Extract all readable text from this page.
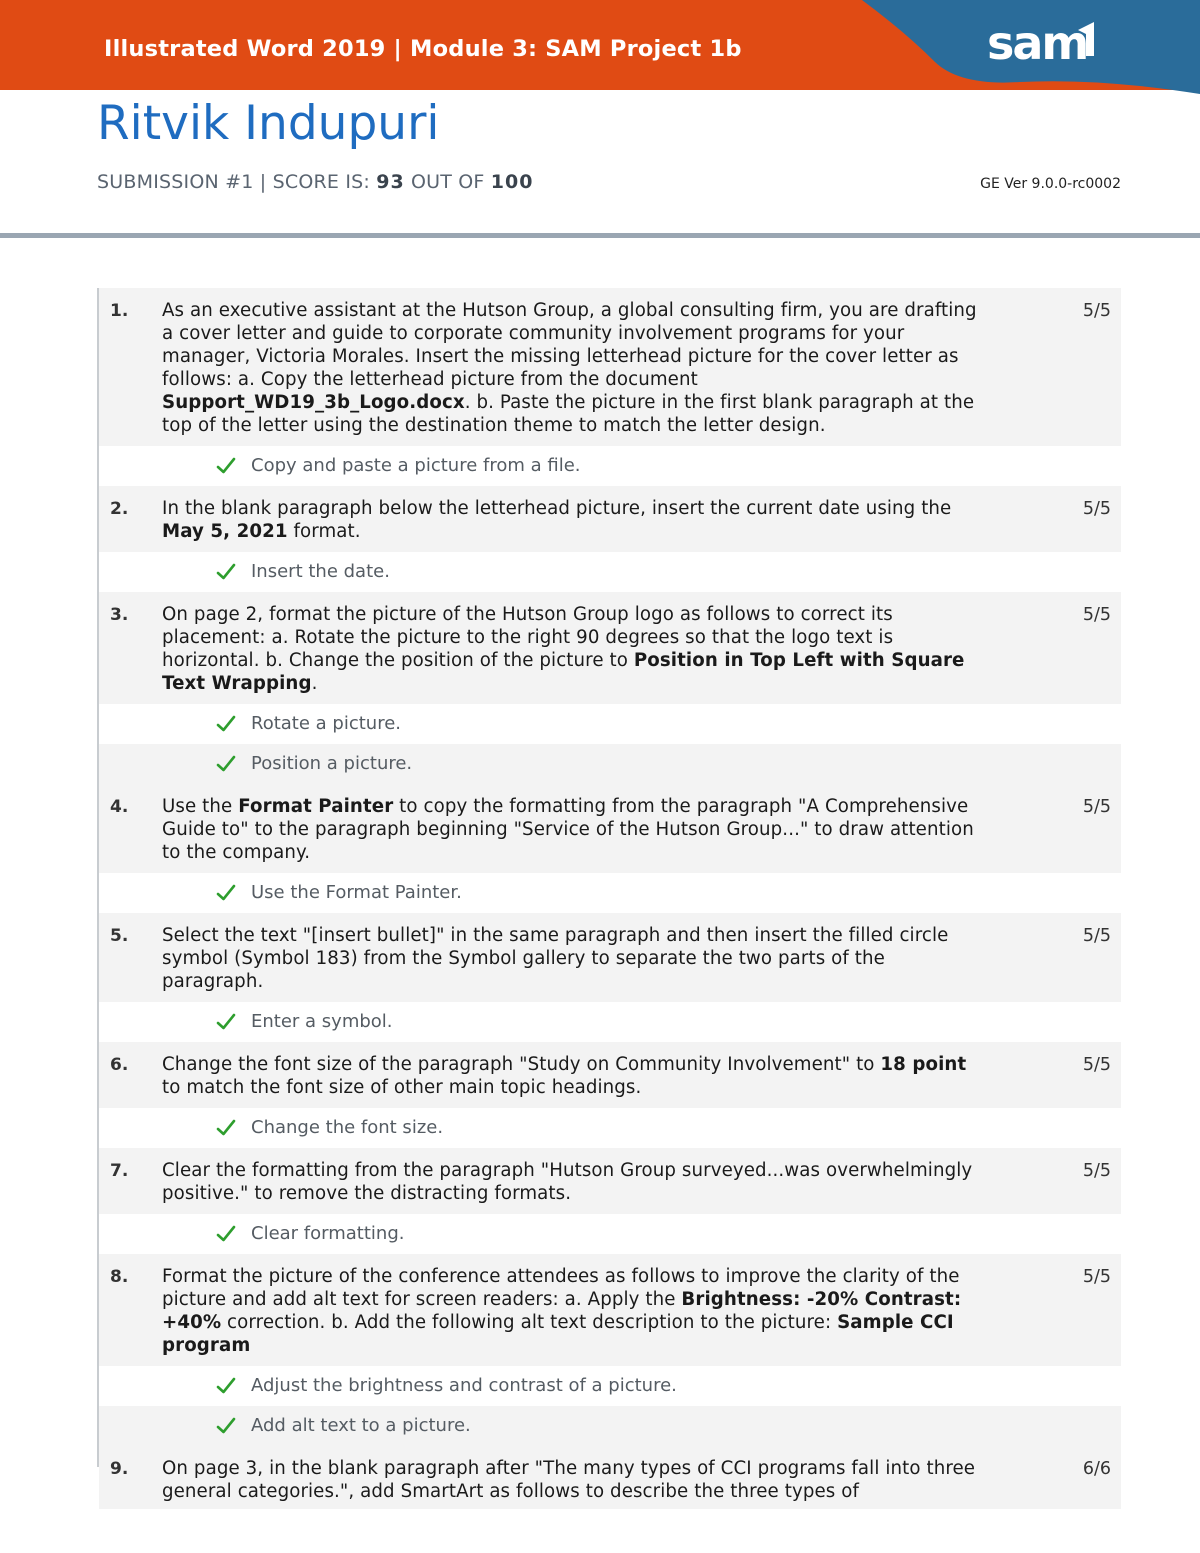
Illustrated Word 2019 | Module 3: SAM Project 1b	sam
Ritvik Indupuri
SUBMISSION #1 | SCORE IS: 93 OUT OF 100	GE Ver 9.0.0-rc0002
1. As an executive assistant at the Hutson Group, a global consulting firm, you are drafting a cover letter and guide to corporate community involvement programs for your manager, Victoria Morales. Insert the missing letterhead picture for the cover letter as follows: a. Copy the letterhead picture from the document Support_WD19_3b_Logo.docx. b. Paste the picture in the first blank paragraph at the top of the letter using the destination theme to match the letter design.
5/5
Copy and paste a picture from a file.
2. In the blank paragraph below the letterhead picture, insert the current date using the May 5, 2021 format.
5/5
Insert the date.
3. On page 2, format the picture of the Hutson Group logo as follows to correct its placement: a. Rotate the picture to the right 90 degrees so that the logo text is horizontal. b. Change the position of the picture to Position in Top Left with Square Text Wrapping.
5/5
Rotate a picture.
Position a picture.
4. Use the Format Painter to copy the formatting from the paragraph "A Comprehensive Guide to" to the paragraph beginning "Service of the Hutson Group..." to draw attention to the company.
5/5
Use the Format Painter.
5. Select the text "[insert bullet]" in the same paragraph and then insert the filled circle symbol (Symbol 183) from the Symbol gallery to separate the two parts of the paragraph.
5/5
Enter a symbol.
6. Change the font size of the paragraph "Study on Community Involvement" to 18 point to match the font size of other main topic headings.
5/5
Change the font size.
7. Clear the formatting from the paragraph "Hutson Group surveyed...was overwhelmingly positive." to remove the distracting formats.
5/5
Clear formatting.
8. Format the picture of the conference attendees as follows to improve the clarity of the picture and add alt text for screen readers: a. Apply the Brightness: -20% Contrast: +40% correction. b. Add the following alt text description to the picture: Sample CCI program
5/5
Adjust the brightness and contrast of a picture.
Add alt text to a picture.
9. On page 3, in the blank paragraph after "The many types of CCI programs fall into three general categories.", add SmartArt as follows to describe the three types of
6/6
